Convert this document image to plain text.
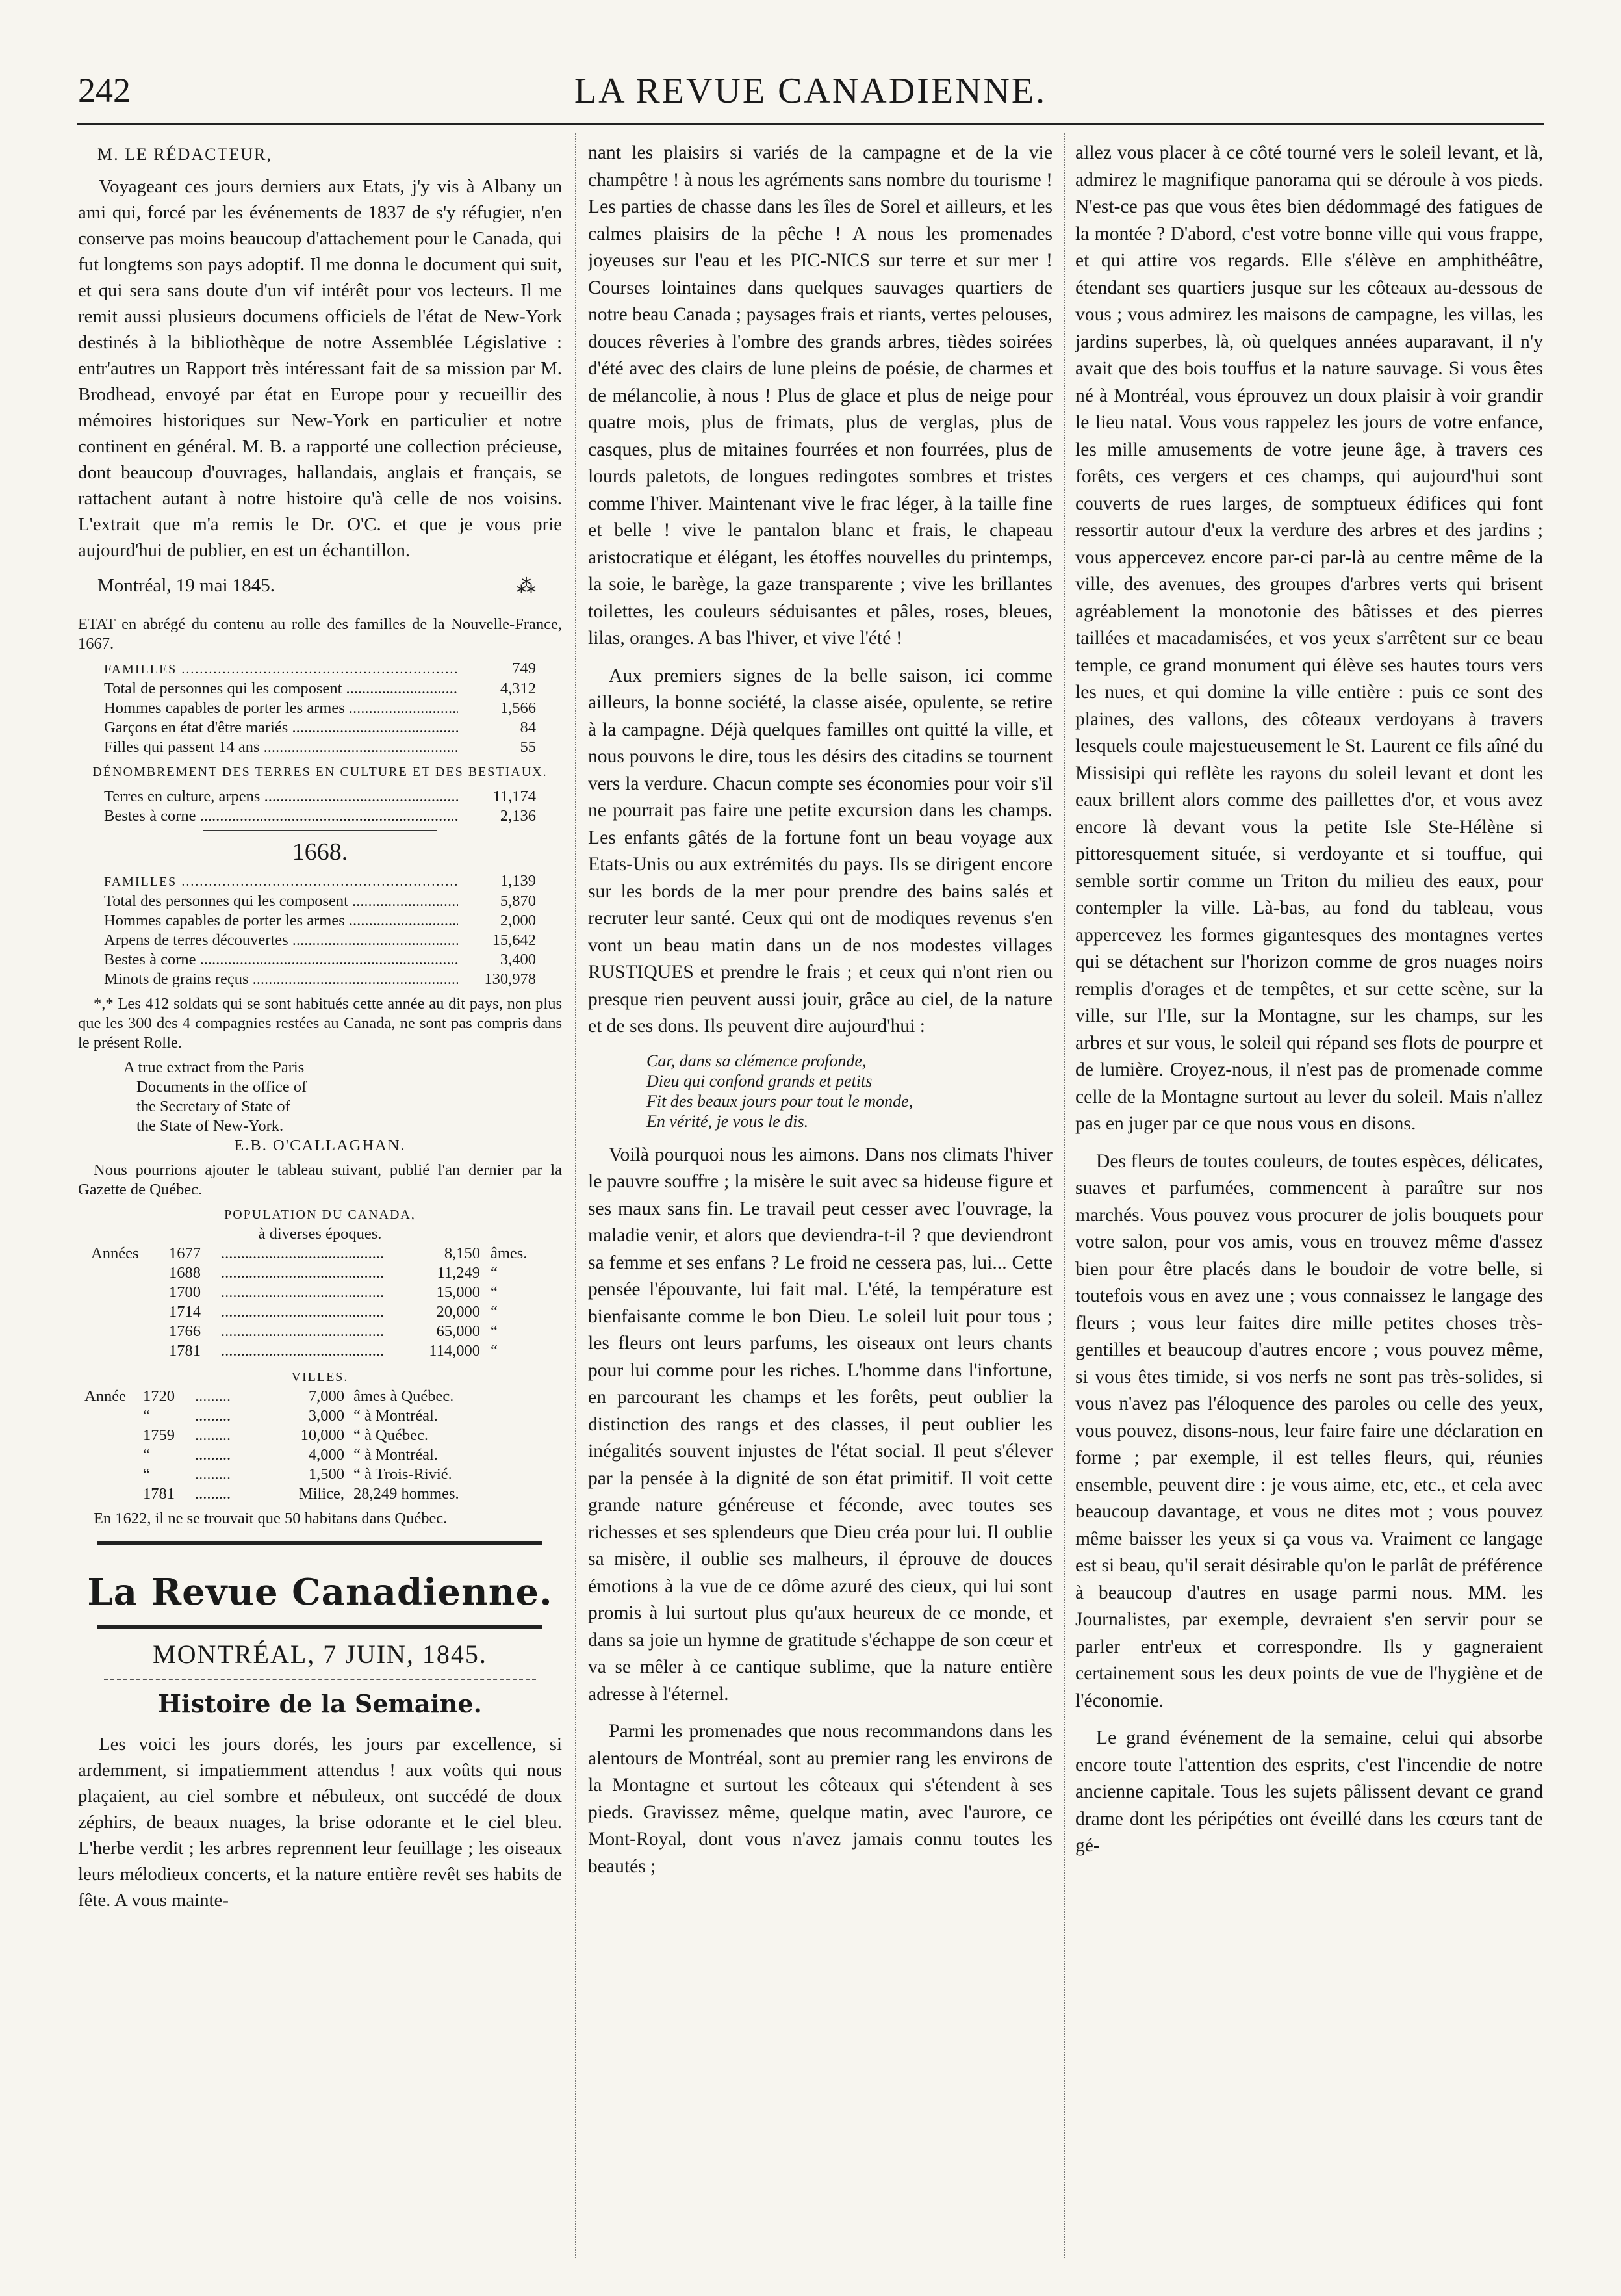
242	LA REVUE CANADIENNE.
M. LE RÉDACTEUR,

Voyageant ces jours derniers aux Etats, j'y vis à Albany un ami qui, forcé par les événements de 1837 de s'y réfugier, n'en conserve pas moins beaucoup d'attachement pour le Canada, qui fut longtems son pays adoptif. Il me donna le document qui suit, et qui sera sans doute d'un vif intérêt pour vos lecteurs. Il me remit aussi plusieurs documens officiels de l'état de New-York destinés à la bibliothèque de notre Assemblée Législative : entr'autres un Rapport très intéressant fait de sa mission par M. Brodhead, envoyé par état en Europe pour y recueillir des mémoires historiques sur New-York en particulier et notre continent en général. M. B. a rapporté une collection précieuse, dont beaucoup d'ouvrages, hallandais, anglais et français, se rattachent autant à notre histoire qu'à celle de nos voisins. L'extrait que m'a remis le Dr. O'C. et que je vous prie aujourd'hui de publier, en est un échantillon.

Montréal, 19 mai 1845.	⁂
ETAT en abrégé du contenu au rolle des familles de la Nouvelle-France, 1667.
FAMILLES .....	749
Total de personnes qui les composent .....	4,312
Hommes capables de porter les armes .....	1,566
Garçons en état d'être mariés .....	84
Filles qui passent 14 ans .....	55
DÉNOMBREMENT DES TERRES EN CULTURE ET DES BESTIAUX.
Terres en culture, arpens .....	11,174
Bestes à corne .....	2,136
1668.
FAMILLES .....	1,139
Total des personnes qui les composent .....	5,870
Hommes capables de porter les armes .....	2,000
Arpens de terres découvertes .....	15,642
Bestes à corne .....	3,400
Minots de grains reçus .....	130,978
*,* Les 412 soldats qui se sont habitués cette année au dit pays, non plus que les 300 des 4 compagnies restées au Canada, ne sont pas compris dans le présent Rolle.
A true extract from the Paris
Documents in the office of
the Secretary of State of
the State of New-York.
E.B. O'CALLAGHAN.
Nous pourrions ajouter le tableau suivant, publié l'an dernier par la Gazette de Québec.
POPULATION DU CANADA,
à diverses époques.
Années	1677 .....	8,150 âmes.
1688 .....	11,249 “
1700 .....	15,000 “
1714 .....	20,000 “
1766 .....	65,000 “
1781 .....	114,000 “
VILLES.
Année	1720	.........	7,000 âmes à Québec.
“	.........	3,000 “ à Montréal.
1759	.........	10,000 “ à Québec.
“	.........	4,000 “ à Montréal.
“	.........	1,500 “ à Trois-Rivié.
1781	.........	Milice, 28,249 hommes.
En 1622, il ne se trouvait que 50 habitans dans Québec.
La Revue Canadienne.
MONTRÉAL, 7 JUIN, 1845.
Histoire de la Semaine.

Les voici les jours dorés, les jours par excellence, si ardemment, si impatiemment attendus ! aux voûts qui nous plaçaient, au ciel sombre et nébuleux, ont succédé de doux zéphirs, de beaux nuages, la brise odorante et le ciel bleu. L'herbe verdit ; les arbres reprennent leur feuillage ; les oiseaux leurs mélodieux concerts, et la nature entière revêt ses habits de fête. A vous mainte-

nant les plaisirs si variés de la campagne et de la vie champêtre ! à nous les agréments sans nombre du tourisme ! Les parties de chasse dans les îles de Sorel et ailleurs, et les calmes plaisirs de la pêche ! A nous les promenades joyeuses sur l'eau et les PIC-NICS sur terre et sur mer ! Courses lointaines dans quelques sauvages quartiers de notre beau Canada ; paysages frais et riants, vertes pelouses, douces rêveries à l'ombre des grands arbres, tièdes soirées d'été avec des clairs de lune pleins de poésie, de charmes et de mélancolie, à nous ! Plus de glace et plus de neige pour quatre mois, plus de frimats, plus de verglas, plus de casques, plus de mitaines fourrées et non fourrées, plus de lourds paletots, de longues redingotes sombres et tristes comme l'hiver. Maintenant vive le frac léger, à la taille fine et belle ! vive le pantalon blanc et frais, le chapeau aristocratique et élégant, les étoffes nouvelles du printemps, la soie, le barège, la gaze transparente ; vive les brillantes toilettes, les couleurs séduisantes et pâles, roses, bleues, lilas, oranges. A bas l'hiver, et vive l'été !

Aux premiers signes de la belle saison, ici comme ailleurs, la bonne société, la classe aisée, opulente, se retire à la campagne. Déjà quelques familles ont quitté la ville, et nous pouvons le dire, tous les désirs des citadins se tournent vers la verdure. Chacun compte ses économies pour voir s'il ne pourrait pas faire une petite excursion dans les champs. Les enfants gâtés de la fortune font un beau voyage aux Etats-Unis ou aux extrémités du pays. Ils se dirigent encore sur les bords de la mer pour prendre des bains salés et recruter leur santé. Ceux qui ont de modiques revenus s'en vont un beau matin dans un de nos modestes villages RUSTIQUES et prendre le frais ; et ceux qui n'ont rien ou presque rien peuvent aussi jouir, grâce au ciel, de la nature et de ses dons. Ils peuvent dire aujourd'hui :

Car, dans sa clémence profonde,
Dieu qui confond grands et petits
Fit des beaux jours pour tout le monde,
En vérité, je vous le dis.

Voilà pourquoi nous les aimons. Dans nos climats l'hiver le pauvre souffre ; la misère le suit avec sa hideuse figure et ses maux sans fin. Le travail peut cesser avec l'ouvrage, la maladie venir, et alors que deviendra-t-il ? que deviendront sa femme et ses enfans ? Le froid ne cessera pas, lui... Cette pensée l'épouvante, lui fait mal. L'été, la température est bienfaisante comme le bon Dieu. Le soleil luit pour tous ; les fleurs ont leurs parfums, les oiseaux ont leurs chants pour lui comme pour les riches. L'homme dans l'infortune, en parcourant les champs et les forêts, peut oublier la distinction des rangs et des classes, il peut oublier les inégalités souvent injustes de l'état social. Il peut s'élever par la pensée à la dignité de son état primitif. Il voit cette grande nature généreuse et féconde, avec toutes ses richesses et ses splendeurs que Dieu créa pour lui. Il oublie sa misère, il oublie ses malheurs, il éprouve de douces émotions à la vue de ce dôme azuré des cieux, qui lui sont promis à lui surtout plus qu'aux heureux de ce monde, et dans sa joie un hymne de gratitude s'échappe de son cœur et va se mêler à ce cantique sublime, que la nature entière adresse à l'éternel.

Parmi les promenades que nous recommandons dans les alentours de Montréal, sont au premier rang les environs de la Montagne et surtout les côteaux qui s'étendent à ses pieds. Gravissez même, quelque matin, avec l'aurore, ce Mont-Royal, dont vous n'avez jamais connu toutes les beautés ;

allez vous placer à ce côté tourné vers le soleil levant, et là, admirez le magnifique panorama qui se déroule à vos pieds. N'est-ce pas que vous êtes bien dédommagé des fatigues de la montée ? D'abord, c'est votre bonne ville qui vous frappe, et qui attire vos regards. Elle s'élève en amphithéâtre, étendant ses quartiers jusque sur les côteaux au-dessous de vous ; vous admirez les maisons de campagne, les villas, les jardins superbes, là, où quelques années auparavant, il n'y avait que des bois touffus et la nature sauvage. Si vous êtes né à Montréal, vous éprouvez un doux plaisir à voir grandir le lieu natal. Vous vous rappelez les jours de votre enfance, les mille amusements de votre jeune âge, à travers ces forêts, ces vergers et ces champs, qui aujourd'hui sont couverts de rues larges, de somptueux édifices qui font ressortir autour d'eux la verdure des arbres et des jardins ; vous appercevez encore par-ci par-là au centre même de la ville, des avenues, des groupes d'arbres verts qui brisent agréablement la monotonie des bâtisses et des pierres taillées et macadamisées, et vos yeux s'arrêtent sur ce beau temple, ce grand monument qui élève ses hautes tours vers les nues, et qui domine la ville entière : puis ce sont des plaines, des vallons, des côteaux verdoyans à travers lesquels coule majestueusement le St. Laurent ce fils aîné du Missisipi qui reflète les rayons du soleil levant et dont les eaux brillent alors comme des paillettes d'or, et vous avez encore là devant vous la petite Isle Ste-Hélène si pittoresquement située, si verdoyante et si touffue, qui semble sortir comme un Triton du milieu des eaux, pour contempler la ville. Là-bas, au fond du tableau, vous appercevez les formes gigantesques des montagnes vertes qui se détachent sur l'horizon comme de gros nuages noirs remplis d'orages et de tempêtes, et sur cette scène, sur la ville, sur l'Ile, sur la Montagne, sur les champs, sur les arbres et sur vous, le soleil qui répand ses flots de pourpre et de lumière. Croyez-nous, il n'est pas de promenade comme celle de la Montagne surtout au lever du soleil. Mais n'allez pas en juger par ce que nous vous en disons.

Des fleurs de toutes couleurs, de toutes espèces, délicates, suaves et parfumées, commencent à paraître sur nos marchés. Vous pouvez vous procurer de jolis bouquets pour votre salon, pour vos amis, vous en trouvez même d'assez bien pour être placés dans le boudoir de votre belle, si toutefois vous en avez une ; vous connaissez le langage des fleurs ; vous leur faites dire mille petites choses très-gentilles et beaucoup d'autres encore ; vous pouvez même, si vous êtes timide, si vos nerfs ne sont pas très-solides, si vous n'avez pas l'éloquence des paroles ou celle des yeux, vous pouvez, disons-nous, leur faire faire une déclaration en forme ; par exemple, il est telles fleurs, qui, réunies ensemble, peuvent dire : je vous aime, etc, etc., et cela avec beaucoup davantage, et vous ne dites mot ; vous pouvez même baisser les yeux si ça vous va. Vraiment ce langage est si beau, qu'il serait désirable qu'on le parlât de préférence à beaucoup d'autres en usage parmi nous. MM. les Journalistes, par exemple, devraient s'en servir pour se parler entr'eux et correspondre. Ils y gagneraient certainement sous les deux points de vue de l'hygiène et de l'économie.

Le grand événement de la semaine, celui qui absorbe encore toute l'attention des esprits, c'est l'incendie de notre ancienne capitale. Tous les sujets pâlissent devant ce grand drame dont les péripéties ont éveillé dans les cœurs tant de gé-
